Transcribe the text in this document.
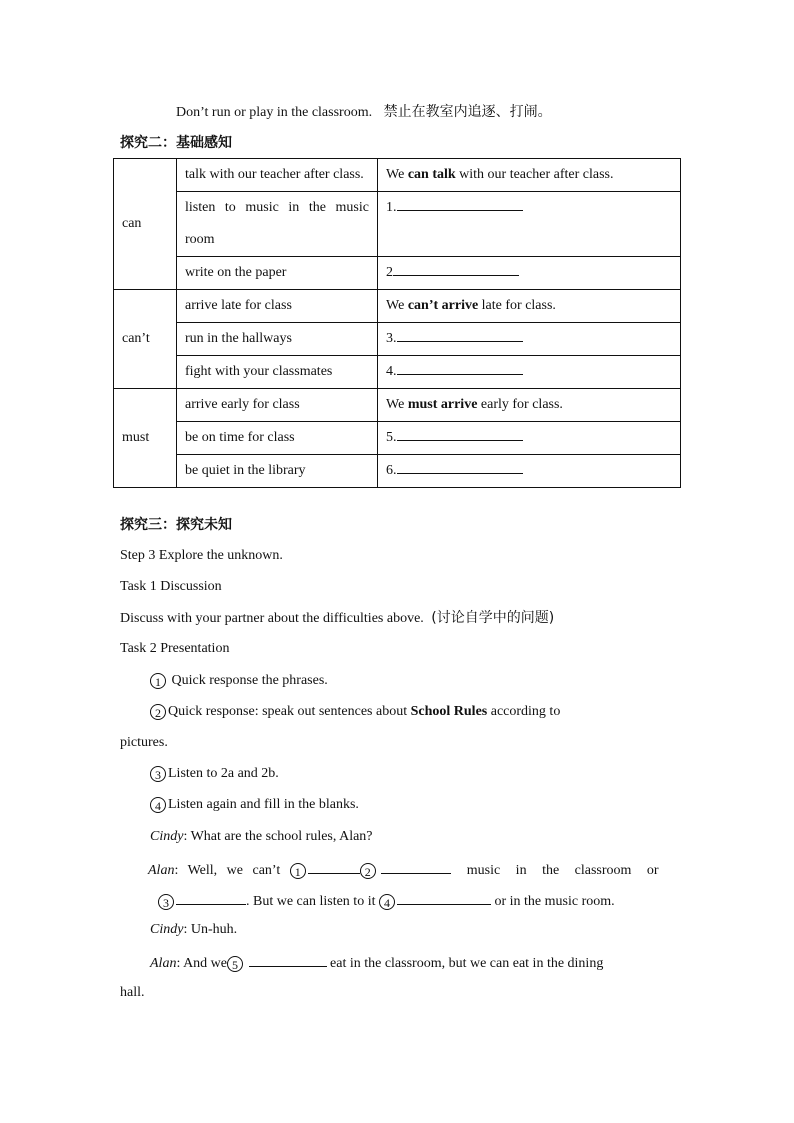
Don’t run or play in the classroom. 禁止在教室内追逐、打闹。
探究二：基础感知
can	talk with our teacher after class.	We can talk with our teacher after class.
	listen to music in the music room	1.
	write on the paper	2
can’t	arrive late for class	We can’t arrive late for class.
	run in the hallways	3.
	fight with your classmates	4.
must	arrive early for class	We must arrive early for class.
	be on time for class	5.
	be quiet in the library	6.
探究三：探究未知
Step 3 Explore the unknown.
Task 1 Discussion
Discuss with your partner about the difficulties above. (讨论自学中的问题)
Task 2 Presentation
1 Quick response the phrases.
2 Quick response: speak out sentences about School Rules according to
pictures.
3 Listen to 2a and 2b.
4 Listen again and fill in the blanks.
Cindy: What are the school rules, Alan?
Alan: Well, we can’t 1	2	music in the classroom or
3	. But we can listen to it 4	or in the music room.
Cindy: Un-huh.
Alan: And we 5	eat in the classroom, but we can eat in the dining
hall.
